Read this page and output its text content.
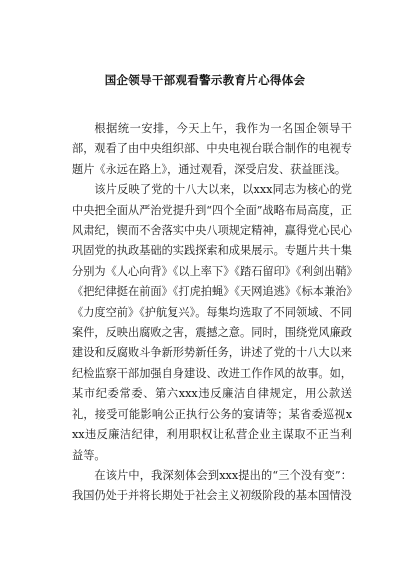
国企领导干部观看警示教育片心得体会

根据统一安排，今天上午，我作为一名国企领导干部，观看了由中央组织部、中央电视台联合制作的电视专题片《永远在路上》，通过观看，深受启发、获益匪浅。

该片反映了党的十八大以来，以xxx同志为核心的党中央把全面从严治党提升到“四个全面”战略布局高度，正风肃纪，锲而不舍落实中央八项规定精神，赢得党心民心巩固党的执政基础的实践探索和成果展示。专题片共十集分别为《人心向背》《以上率下》《踏石留印》《利剑出鞘》《把纪律挺在前面》《打虎拍蝇》《天网追逃》《标本兼治》《力度空前》《护航复兴》。每集均选取了不同领域、不同案件，反映出腐败之害，震撼之意。同时，围绕党风廉政建设和反腐败斗争新形势新任务，讲述了党的十八大以来纪检监察干部加强自身建设、改进工作作风的故事。如，某市纪委常委、第六xxx违反廉洁自律规定，用公款送礼，接受可能影响公正执行公务的宴请等；某省委巡视xxx违反廉洁纪律，利用职权让私营企业主谋取不正当利益等。

在该片中，我深刻体会到xxx提出的“三个没有变”：我国仍处于并将长期处于社会主义初级阶段的基本国情没
